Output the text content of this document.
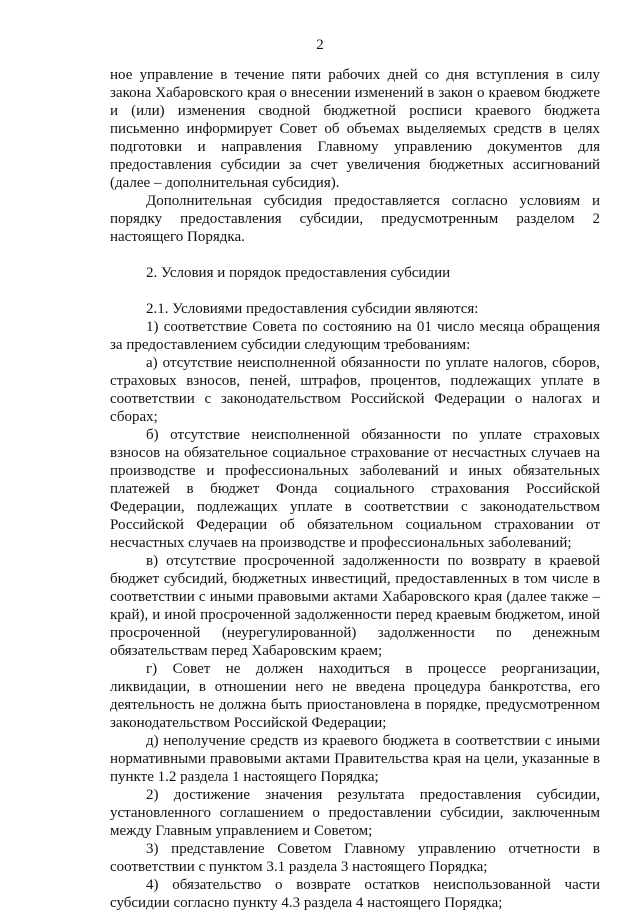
2

ное управление в течение пяти рабочих дней со дня вступления в силу закона Хабаровского края о внесении изменений в закон о краевом бюджете и (или) изменения сводной бюджетной росписи краевого бюджета письменно информирует Совет об объемах выделяемых средств в целях подготовки и направления Главному управлению документов для предоставления субсидии за счет увеличения бюджетных ассигнований (далее – дополнительная субсидия).

Дополнительная субсидия предоставляется согласно условиям и порядку предоставления субсидии, предусмотренным разделом 2 настоящего Порядка.

2. Условия и порядок предоставления субсидии

2.1. Условиями предоставления субсидии являются:

1) соответствие Совета по состоянию на 01 число месяца обращения за предоставлением субсидии следующим требованиям:

а) отсутствие неисполненной обязанности по уплате налогов, сборов, страховых взносов, пеней, штрафов, процентов, подлежащих уплате в соответствии с законодательством Российской Федерации о налогах и сборах;

б) отсутствие неисполненной обязанности по уплате страховых взносов на обязательное социальное страхование от несчастных случаев на производстве и профессиональных заболеваний и иных обязательных платежей в бюджет Фонда социального страхования Российской Федерации, подлежащих уплате в соответствии с законодательством Российской Федерации об обязательном социальном страховании от несчастных случаев на производстве и профессиональных заболеваний;

в) отсутствие просроченной задолженности по возврату в краевой бюджет субсидий, бюджетных инвестиций, предоставленных в том числе в соответствии с иными правовыми актами Хабаровского края (далее также – край), и иной просроченной задолженности перед краевым бюджетом, иной просроченной (неурегулированной) задолженности по денежным обязательствам перед Хабаровским краем;

г) Совет не должен находиться в процессе реорганизации, ликвидации, в отношении него не введена процедура банкротства, его деятельность не должна быть приостановлена в порядке, предусмотренном законодательством Российской Федерации;

д) неполучение средств из краевого бюджета в соответствии с иными нормативными правовыми актами Правительства края на цели, указанные в пункте 1.2 раздела 1 настоящего Порядка;

2) достижение значения результата предоставления субсидии, установленного соглашением о предоставлении субсидии, заключенным между Главным управлением и Советом;

3) представление Советом Главному управлению отчетности в соответствии с пунктом 3.1 раздела 3 настоящего Порядка;

4) обязательство о возврате остатков неиспользованной части субсидии согласно пункту 4.3 раздела 4 настоящего Порядка;
